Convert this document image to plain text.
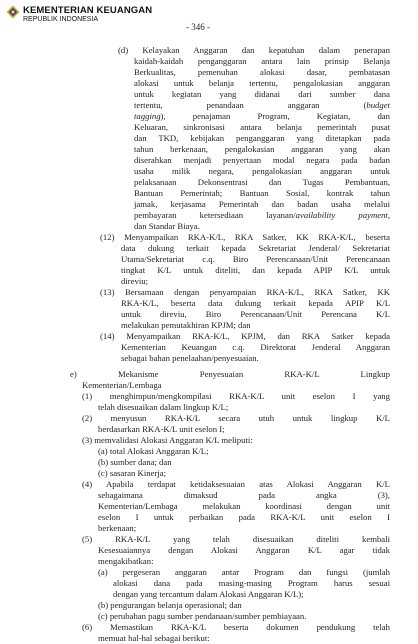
KEMENTERIAN KEUANGAN
REPUBLIK INDONESIA
- 346 -
(d) Kelayakan Anggaran dan kepatuhan dalam penerapan
kaidah-kaidah penganggaran antara lain prinsip Belanja
Berkualitas, pemenuhan alokasi dasar, pembatasan
alokasi untuk belanja tertentu, pengalokasian anggaran
untuk kegiatan yang didanai dari sumber dana
tertentu, penandaan anggaran (budget
tagging), penajaman Program, Kegiatan, dan
Keluaran, sinkronisasi antara belanja pemerintah pusat
dan TKD, kebijakan penganggaran yang ditetapkan pada
tahun berkenaan, pengalokasian anggaran yang akan
diserahkan menjadi penyertaan modal negara pada badan
usaha milik negara, pengalokasian anggaran untuk
pelaksanaan Dekonsentrasi dan Tugas Pembantuan,
Bantuan Pemerintah; Bantuan Sosial, kontrak tahun
jamak, kerjasama Pemerintah dan badan usaha melalui
pembayaran ketersediaan layanan/availability payment,
dan Standar Biaya.
(12) Menyampaikan RKA-K/L, RKA Satker, KK RKA-K/L, beserta
data dukung terkait kepada Sekretariat Jenderal/ Sekretariat
Utama/Sekretariat c.q. Biro Perencanaan/Unit Perencanaan
tingkat K/L untuk diteliti, dan kepada APIP K/L untuk
direviu;
(13) Bersamaan dengan penyampaian RKA-K/L, RKA Satker, KK
RKA-K/L, beserta data dukung terkait kepada APIP K/L
untuk direviu, Biro Perencanaan/Unit Perencana K/L
melakukan pemutakhiran KPJM; dan
(14) Menyampaikan RKA-K/L, KPJM, dan RKA Satker kepada
Kementerian Keuangan c.q. Direktorat Jenderal Anggaran
sebagai bahan penelaahan/penyesuaian.
e) Mekanisme Penyesuaian RKA-K/L Lingkup
Kementerian/Lembaga
(1) menghimpun/mengkompilasi RKA-K/L unit eselon I yang
telah disesuaikan dalam lingkup K/L;
(2) menyusun RKA-K/L secara utuh untuk lingkup K/L
berdasarkan RKA-K/L unit eselon I;
(3) memvalidasi Alokasi Anggaran K/L meliputi:
(a) total Alokasi Anggaran K/L;
(b) sumber dana; dan
(c) sasaran Kinerja;
(4) Apabila terdapat ketidaksesuaian atas Alokasi Anggaran K/L
sebagaimana dimaksud pada angka (3),
Kementerian/Lembaga melakukan koordinasi dengan unit
eselon I untuk perbaikan pada RKA-K/L unit eselon I
berkenaan;
(5) RKA-K/L yang telah disesuaikan diteliti kembali
Kesesuaiannya dengan Alokasi Anggaran K/L agar tidak
mengakibatkan:
(a) pergeseran anggaran antar Program dan fungsi (jumlah
alokasi dana pada masing-masing Program harus sesuai
dengan yang tercantum dalam Alokasi Anggaran K/L);
(b) pengurangan belanja operasional; dan
(c) perubahan pagu sumber pendanaan/sumber pembiayaan.
(6) Memastikan RKA-K/L beserta dokumen pendukung telah
memuat hal-hal sebagai berikut:
